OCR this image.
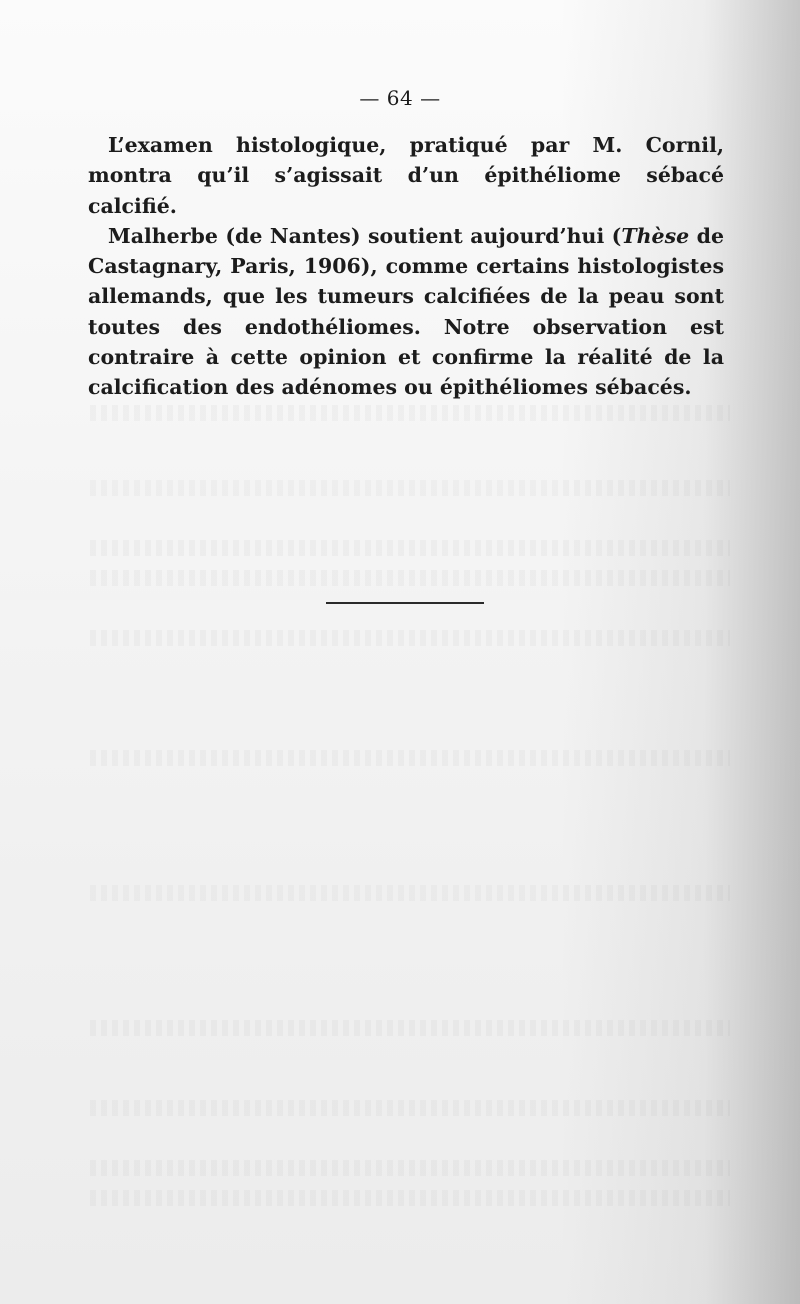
— 64 —

L’examen histologique, pratiqué par M. Cornil, montra qu’il s’agissait d’un épithéliome sébacé calcifié.

Malherbe (de Nantes) soutient aujourd’hui (Thèse de Castagnary, Paris, 1906), comme certains histologistes allemands, que les tumeurs calcifiées de la peau sont toutes des endothéliomes. Notre observation est contraire à cette opinion et confirme la réalité de la calcification des adénomes ou épithéliomes sébacés.
